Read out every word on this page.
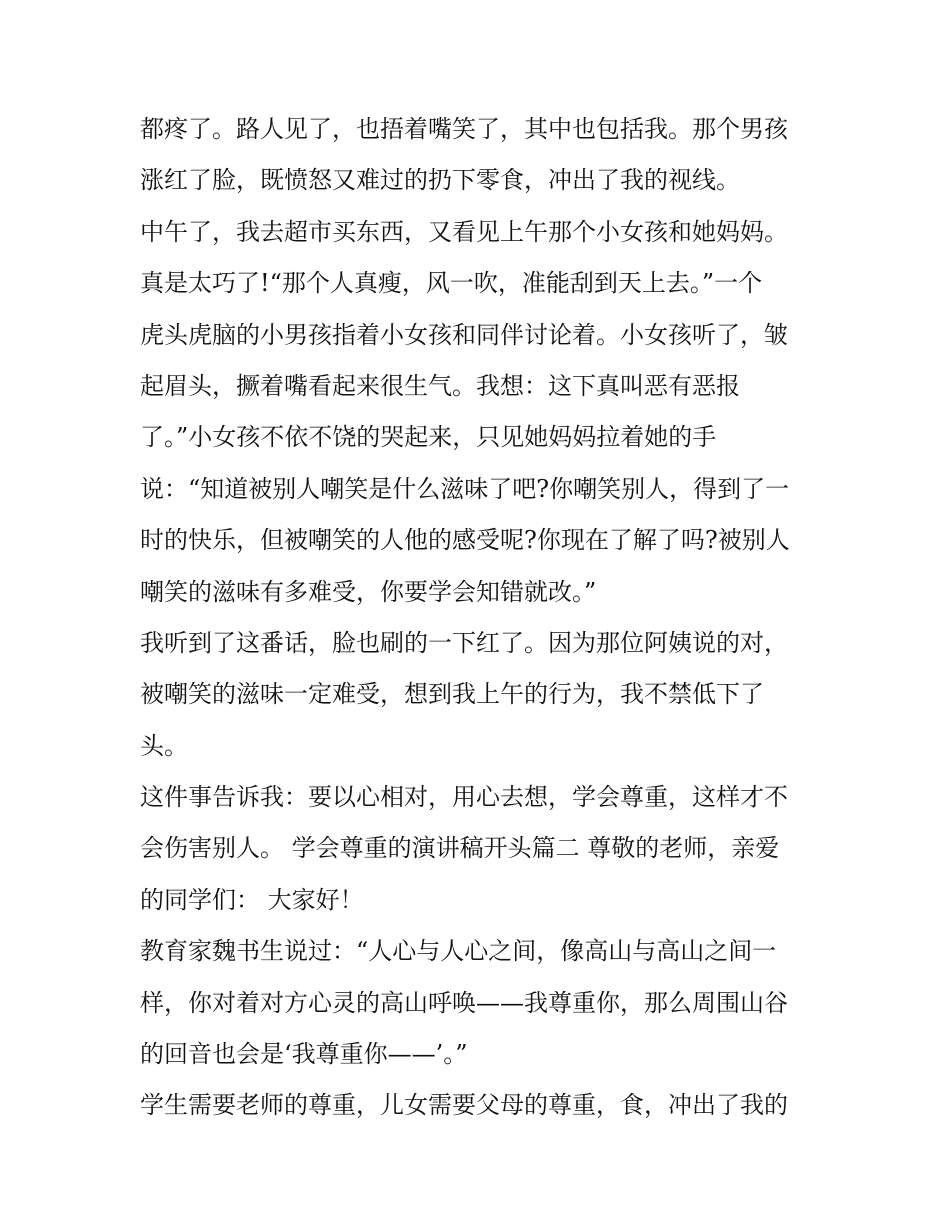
都疼了。路人见了，也捂着嘴笑了，其中也包括我。那个男孩
涨红了脸，既愤怒又难过的扔下零食，冲出了我的视线。
中午了，我去超市买东西，又看见上午那个小女孩和她妈妈。
真是太巧了!“那个人真瘦，风一吹，准能刮到天上去。”一个
虎头虎脑的小男孩指着小女孩和同伴讨论着。小女孩听了，皱
起眉头，撅着嘴看起来很生气。我想：这下真叫恶有恶报
了。”小女孩不依不饶的哭起来，只见她妈妈拉着她的手
说：“知道被别人嘲笑是什么滋味了吧?你嘲笑别人，得到了一
时的快乐，但被嘲笑的人他的感受呢?你现在了解了吗?被别人
嘲笑的滋味有多难受，你要学会知错就改。”
我听到了这番话，脸也刷的一下红了。因为那位阿姨说的对，
被嘲笑的滋味一定难受，想到我上午的行为，我不禁低下了
头。
这件事告诉我：要以心相对，用心去想，学会尊重，这样才不
会伤害别人。 学会尊重的演讲稿开头篇二 尊敬的老师，亲爱
的同学们： 大家好！
教育家魏书生说过：“人心与人心之间，像高山与高山之间一
样，你对着对方心灵的高山呼唤——我尊重你，那么周围山谷
的回音也会是‘我尊重你——’。”
学生需要老师的尊重，儿女需要父母的尊重，食，冲出了我的
